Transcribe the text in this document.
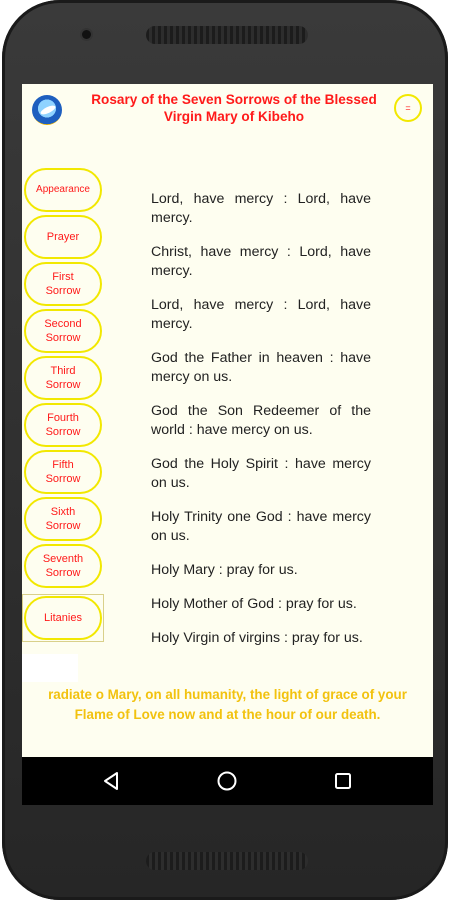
Rosary of the Seven Sorrows of the Blessed Virgin Mary of Kibeho
=
Appearance
Prayer
First Sorrow
Second Sorrow
Third Sorrow
Fourth Sorrow
Fifth Sorrow
Sixth Sorrow
Seventh Sorrow
Litanies
Lord, have mercy : Lord, have mercy.
Christ, have mercy : Lord, have mercy.
Lord, have mercy : Lord, have mercy.
God the Father in heaven : have mercy on us.
God the Son Redeemer of the world : have mercy on us.
God the Holy Spirit : have mercy on us.
Holy Trinity one God : have mercy on us.
Holy Mary : pray for us.
Holy Mother of God : pray for us.
Holy Virgin of virgins : pray for us.
radiate o Mary, on all humanity, the light of grace of your
Flame of Love now and at the hour of our death.
